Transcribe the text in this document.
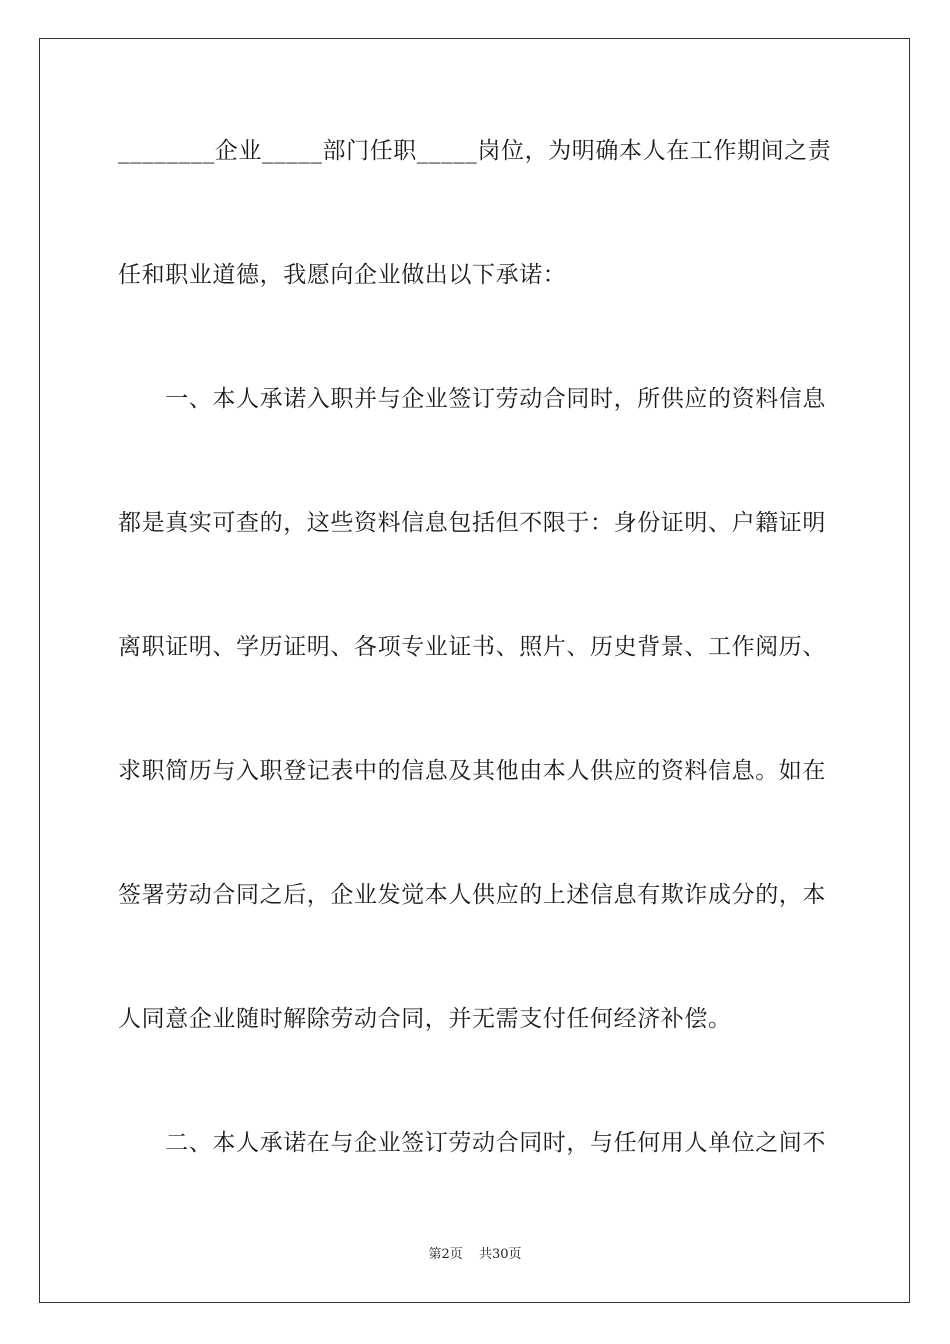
________企业_____部门任职_____岗位，为明确本人在工作期间之责
任和职业道德，我愿向企业做出以下承诺：
　　一、本人承诺入职并与企业签订劳动合同时，所供应的资料信息
都是真实可查的，这些资料信息包括但不限于：身份证明、户籍证明
离职证明、学历证明、各项专业证书、照片、历史背景、工作阅历、
求职简历与入职登记表中的信息及其他由本人供应的资料信息。如在
签署劳动合同之后，企业发觉本人供应的上述信息有欺诈成分的，本
人同意企业随时解除劳动合同，并无需支付任何经济补偿。
　　二、本人承诺在与企业签订劳动合同时，与任何用人单位之间不
第2页 共30页
